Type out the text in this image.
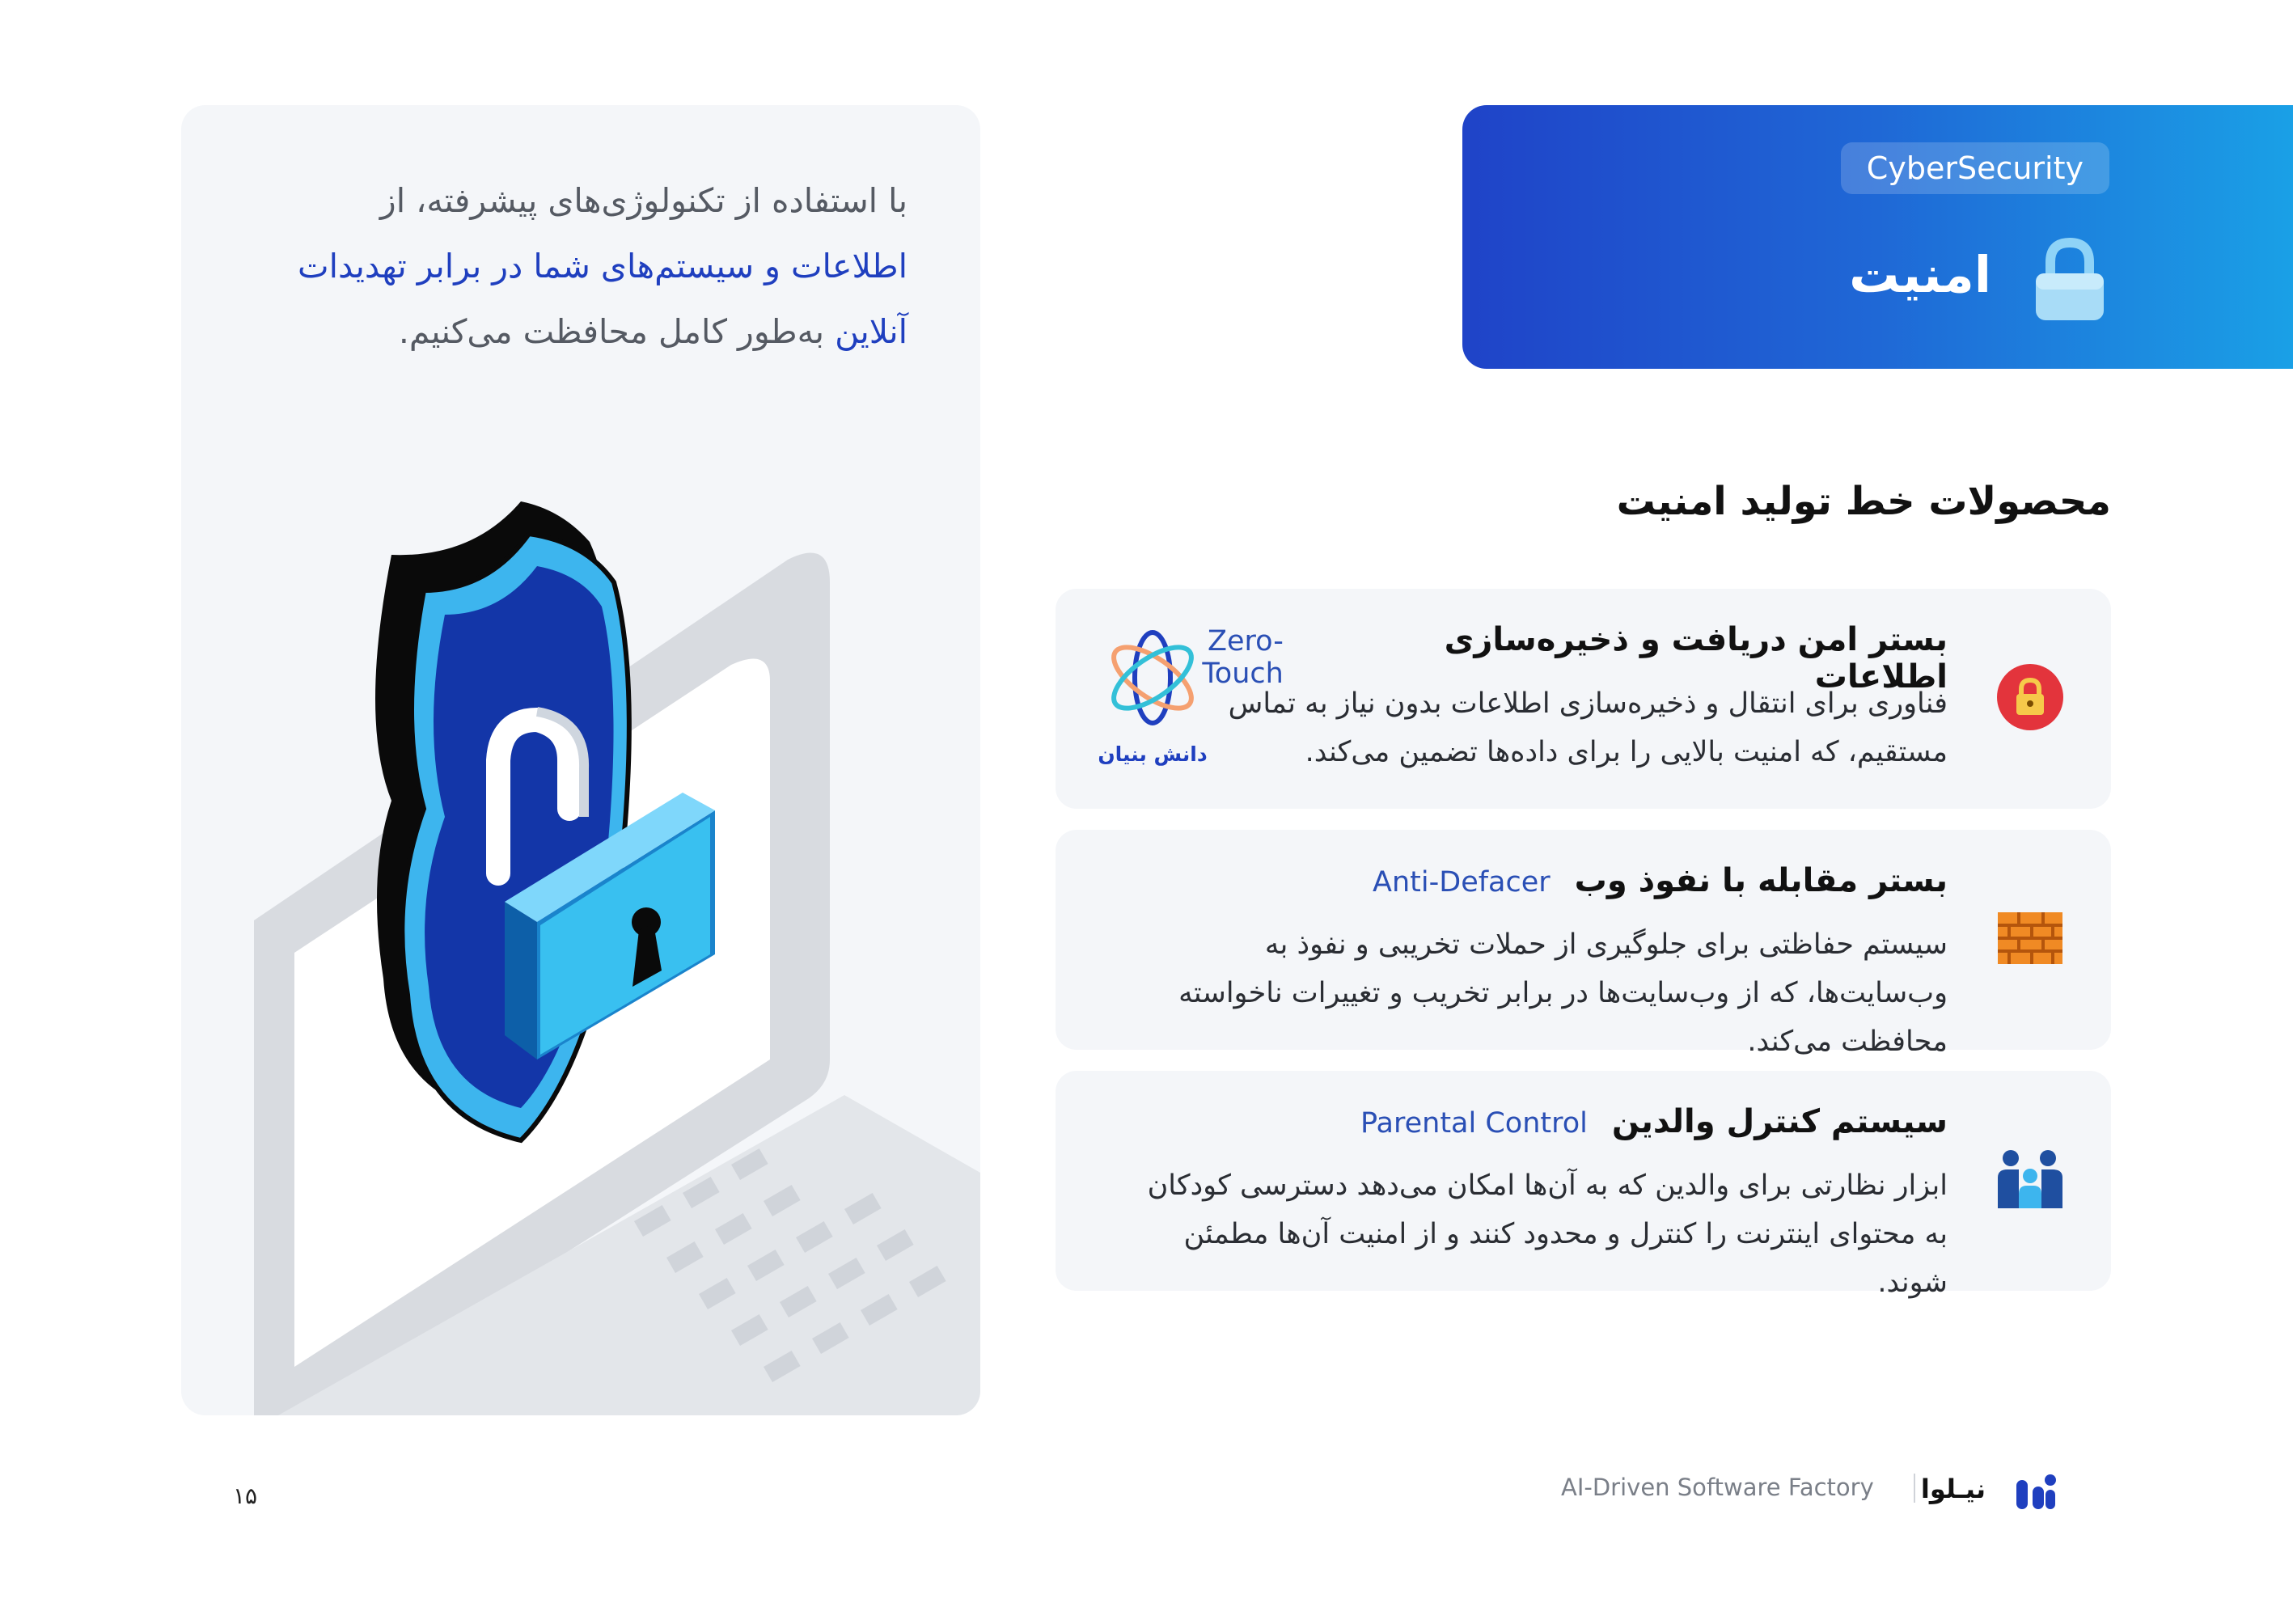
با استفاده از تکنولوژی‌های پیشرفته، از اطلاعات و سیستم‌های شما در برابر تهدیدات آنلاین به‌طور کامل محافظت می‌کنیم.

CyberSecurity
امنیت
محصولات خط تولید امنیت
بستر امن دریافت و ذخیره‌سازی اطلاعات
Zero-Touch

فناوری برای انتقال و ذخیره‌سازی اطلاعات بدون نیاز به تماس مستقیم، که امنیت بالایی را برای داده‌ها تضمین می‌کند.

دانش بنیان
بستر مقابله با نفوذ وب
Anti-Defacer

سیستم حفاظتی برای جلوگیری از حملات تخریبی و نفوذ به وب‌سایت‌ها، که از وب‌سایت‌ها در برابر تخریب و تغییرات ناخواسته محافظت می‌کند.

سیستم کنترل والدین
Parental Control

ابزار نظارتی برای والدین که به آن‌ها امکان می‌دهد دسترسی کودکان به محتوای اینترنت را کنترل و محدود کنند و از امنیت آن‌ها مطمئن شوند.

نیـلوا
AI-Driven Software Factory
۱۵
